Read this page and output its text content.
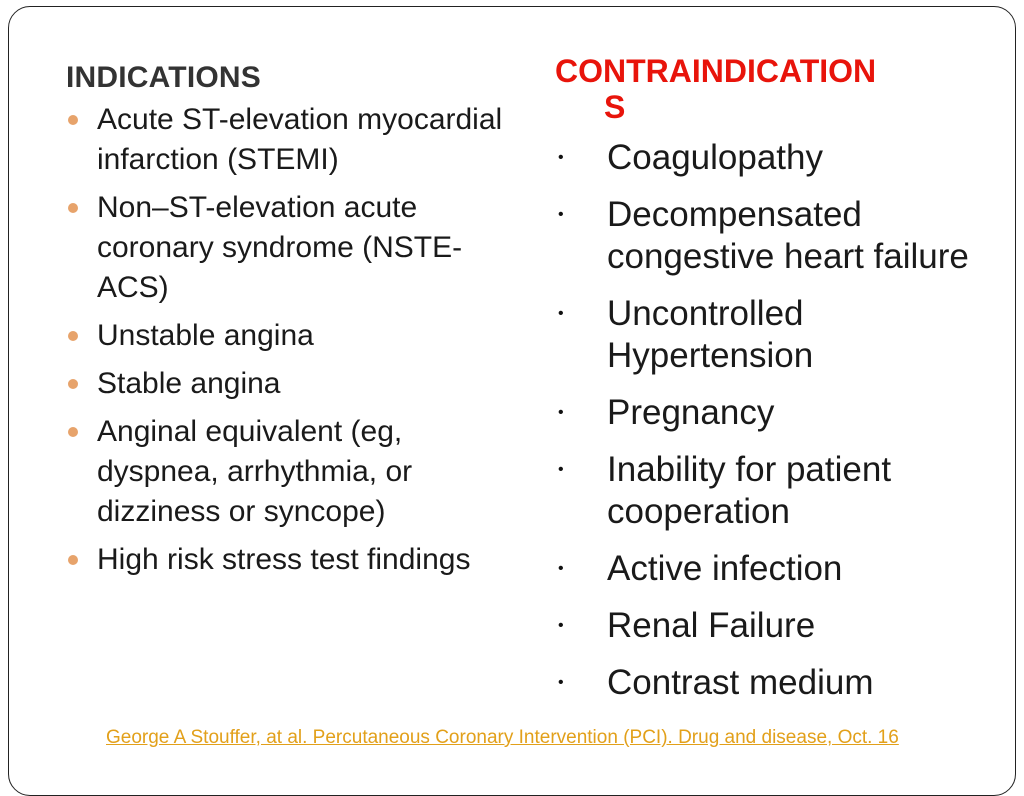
INDICATIONS
Acute ST-elevation myocardial infarction (STEMI)
Non–ST-elevation acute coronary syndrome (NSTE-ACS)
Unstable angina
Stable angina
Anginal equivalent (eg, dyspnea, arrhythmia, or dizziness or syncope)
High risk stress test findings
CONTRAINDICATION
S
• Coagulopathy
• Decompensated congestive heart failure
• Uncontrolled Hypertension
• Pregnancy
• Inability for patient cooperation
• Active infection
• Renal Failure
• Contrast medium
George A Stouffer, at al. Percutaneous Coronary Intervention (PCI). Drug and disease, Oct. 16
